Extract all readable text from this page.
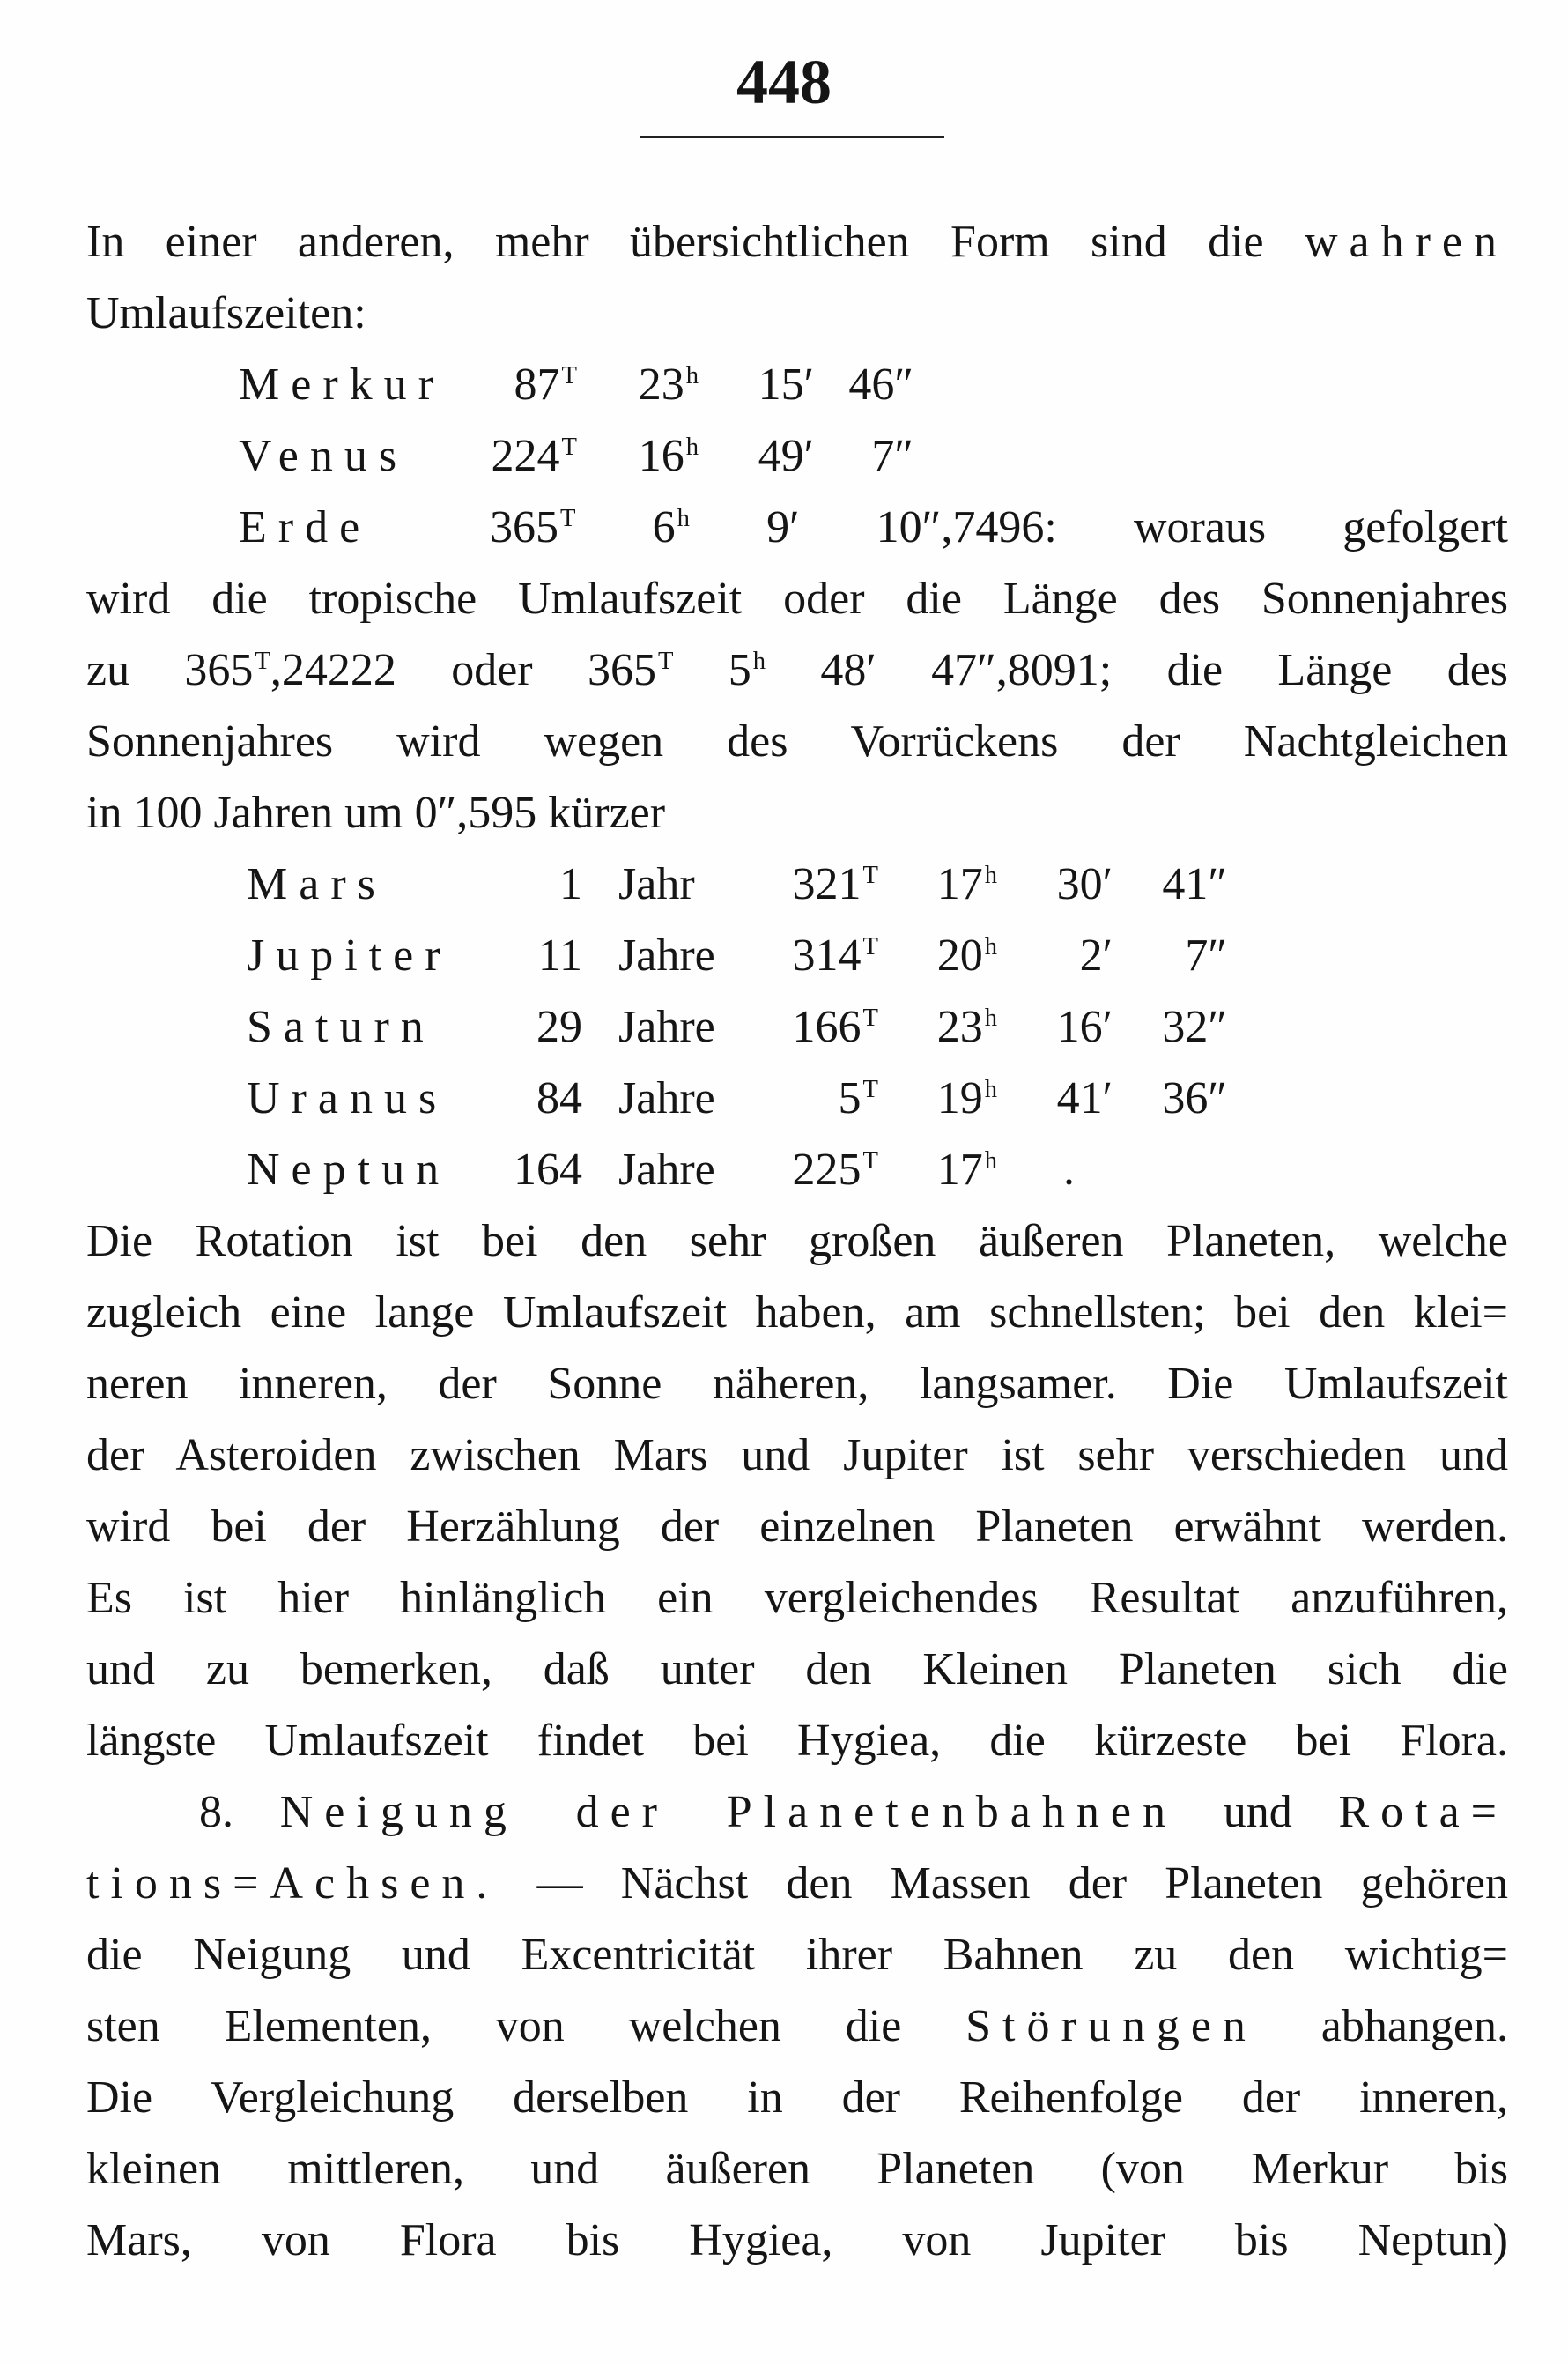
448
In einer anderen, mehr übersichtlichen Form sind die wahren
Umlaufszeiten:
Merkur	$87^T$	23$^h$	15′ 46″
Venus	$224^T$	16$^h$	49′	7″
Erde	$365^T$ 6$^h$ 9′ 10″,7496: woraus gefolgert
wird die tropische Umlaufszeit oder die Länge des Sonnenjahres
zu $365^T,24222$ oder $365^T$ 5$^h$ 48′ 47″,8091; die Länge des
Sonnenjahres wird wegen des Vorrückens der Nachtgleichen
in 100 Jahren um 0″,595 kürzer
Mars	1 Jahr	$321^T$	17$^h$	30′	41″
Jupiter	11 Jahre	$314^T$	20$^h$	2′	7″
Saturn	29 Jahre	$166^T$	23$^h$	16′	32″
Uranus	84 Jahre	$5^T$	19$^h$	41′	36″
Neptun	164 Jahre	$225^T$	17$^h$ .
Die Rotation ist bei den sehr großen äußeren Planeten, welche
zugleich eine lange Umlaufszeit haben, am schnellsten; bei den klei=
neren inneren, der Sonne näheren, langsamer. Die Umlaufszeit
der Asteroiden zwischen Mars und Jupiter ist sehr verschieden und
wird bei der Herzählung der einzelnen Planeten erwähnt werden.
Es ist hier hinlänglich ein vergleichendes Resultat anzuführen,
und zu bemerken, daß unter den Kleinen Planeten sich die
längste Umlaufszeit findet bei Hygiea, die kürzeste bei Flora.
8. Neigung der Planetenbahnen und Rota=
tions=Achsen. — Nächst den Massen der Planeten gehören
die Neigung und Excentricität ihrer Bahnen zu den wichtig=
sten Elementen, von welchen die Störungen abhangen.
Die Vergleichung derselben in der Reihenfolge der inneren,
kleinen mittleren, und äußeren Planeten (von Merkur bis
Mars, von Flora bis Hygiea, von Jupiter bis Neptun)
